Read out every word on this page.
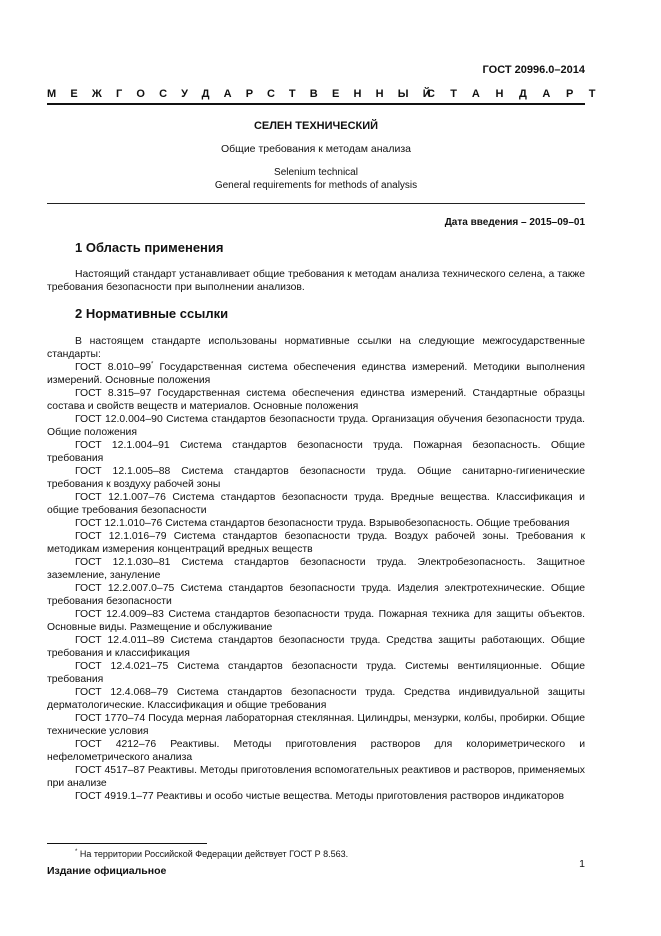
ГОСТ 20996.0–2014
МЕЖГОСУДАРСТВЕННЫЙ
СТАНДАРТ
СЕЛЕН ТЕХНИЧЕСКИЙ
Общие требования к методам анализа
Selenium technical
General requirements for methods of analysis
Дата введения – 2015–09–01
1 Область применения

Настоящий стандарт устанавливает общие требования к методам анализа технического селена, а также требования безопасности при выполнении анализов.

2 Нормативные ссылки

В настоящем стандарте использованы нормативные ссылки на следующие межгосударственные стандарты:

ГОСТ 8.010–99* Государственная система обеспечения единства измерений. Методики выполнения измерений. Основные положения

ГОСТ 8.315–97 Государственная система обеспечения единства измерений. Стандартные образцы состава и свойств веществ и материалов. Основные положения

ГОСТ 12.0.004–90 Система стандартов безопасности труда. Организация обучения безопасности труда. Общие положения

ГОСТ 12.1.004–91 Система стандартов безопасности труда. Пожарная безопасность. Общие требования

ГОСТ 12.1.005–88 Система стандартов безопасности труда. Общие санитарно-гигиенические требования к воздуху рабочей зоны

ГОСТ 12.1.007–76 Система стандартов безопасности труда. Вредные вещества. Классификация и общие требования безопасности

ГОСТ 12.1.010–76 Система стандартов безопасности труда. Взрывобезопасность. Общие требования

ГОСТ 12.1.016–79 Система стандартов безопасности труда. Воздух рабочей зоны. Требования к методикам измерения концентраций вредных веществ

ГОСТ 12.1.030–81 Система стандартов безопасности труда. Электробезопасность. Защитное заземление, зануление

ГОСТ 12.2.007.0–75 Система стандартов безопасности труда. Изделия электротехнические. Общие требования безопасности

ГОСТ 12.4.009–83 Система стандартов безопасности труда. Пожарная техника для защиты объектов. Основные виды. Размещение и обслуживание

ГОСТ 12.4.011–89 Система стандартов безопасности труда. Средства защиты работающих. Общие требования и классификация

ГОСТ 12.4.021–75 Система стандартов безопасности труда. Системы вентиляционные. Общие требования

ГОСТ 12.4.068–79 Система стандартов безопасности труда. Средства индивидуальной защиты дерматологические. Классификация и общие требования

ГОСТ 1770–74 Посуда мерная лабораторная стеклянная. Цилиндры, мензурки, колбы, пробирки. Общие технические условия

ГОСТ 4212–76 Реактивы. Методы приготовления растворов для колориметрического и нефелометрического анализа

ГОСТ 4517–87 Реактивы. Методы приготовления вспомогательных реактивов и растворов, применяемых при анализе

ГОСТ 4919.1–77 Реактивы и особо чистые вещества. Методы приготовления растворов индикаторов

* На территории Российской Федерации действует ГОСТ Р 8.563.
Издание официальное
1
